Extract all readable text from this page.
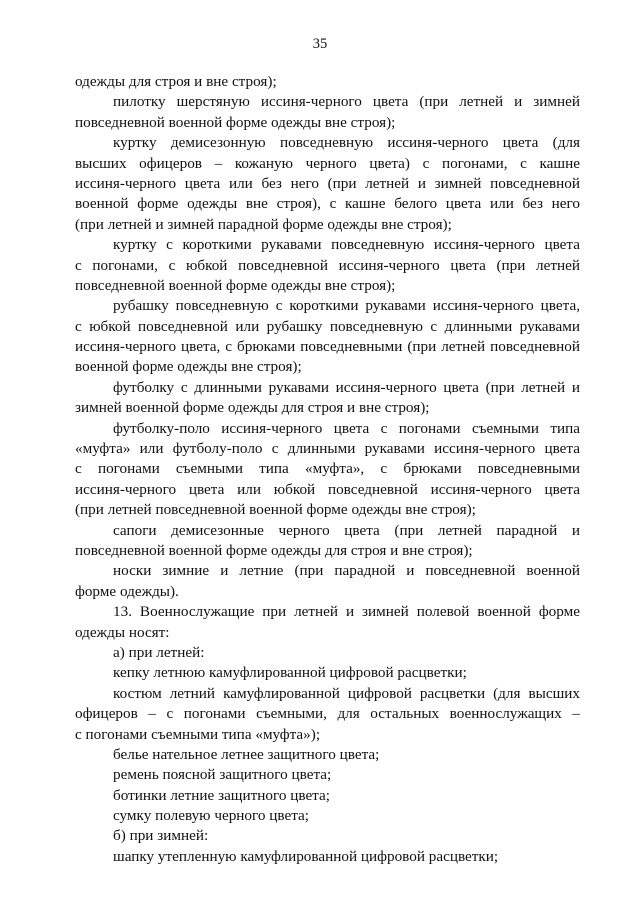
35
одежды для строя и вне строя);
пилотку шерстяную иссиня-черного цвета (при летней и зимней
повседневной военной форме одежды вне строя);
куртку демисезонную повседневную иссиня-черного цвета (для
высших офицеров – кожаную черного цвета) с погонами, с кашне
иссиня-черного цвета или без него (при летней и зимней повседневной
военной форме одежды вне строя), с кашне белого цвета или без него
(при летней и зимней парадной форме одежды вне строя);
куртку с короткими рукавами повседневную иссиня-черного цвета
с погонами, с юбкой повседневной иссиня-черного цвета (при летней
повседневной военной форме одежды вне строя);
рубашку повседневную с короткими рукавами иссиня-черного цвета,
с юбкой повседневной или рубашку повседневную с длинными рукавами
иссиня-черного цвета, с брюками повседневными (при летней повседневной
военной форме одежды вне строя);
футболку с длинными рукавами иссиня-черного цвета (при летней и
зимней военной форме одежды для строя и вне строя);
футболку-поло иссиня-черного цвета с погонами съемными типа
«муфта» или футболу-поло с длинными рукавами иссиня-черного цвета
с погонами съемными типа «муфта», с брюками повседневными
иссиня-черного цвета или юбкой повседневной иссиня-черного цвета
(при летней повседневной военной форме одежды вне строя);
сапоги демисезонные черного цвета (при летней парадной и
повседневной военной форме одежды для строя и вне строя);
носки зимние и летние (при парадной и повседневной военной
форме одежды).
13. Военнослужащие при летней и зимней полевой военной форме
одежды носят:
а) при летней:
кепку летнюю камуфлированной цифровой расцветки;
костюм летний камуфлированной цифровой расцветки (для высших
офицеров – с погонами съемными, для остальных военнослужащих –
с погонами съемными типа «муфта»);
белье нательное летнее защитного цвета;
ремень поясной защитного цвета;
ботинки летние защитного цвета;
сумку полевую черного цвета;
б) при зимней:
шапку утепленную камуфлированной цифровой расцветки;
